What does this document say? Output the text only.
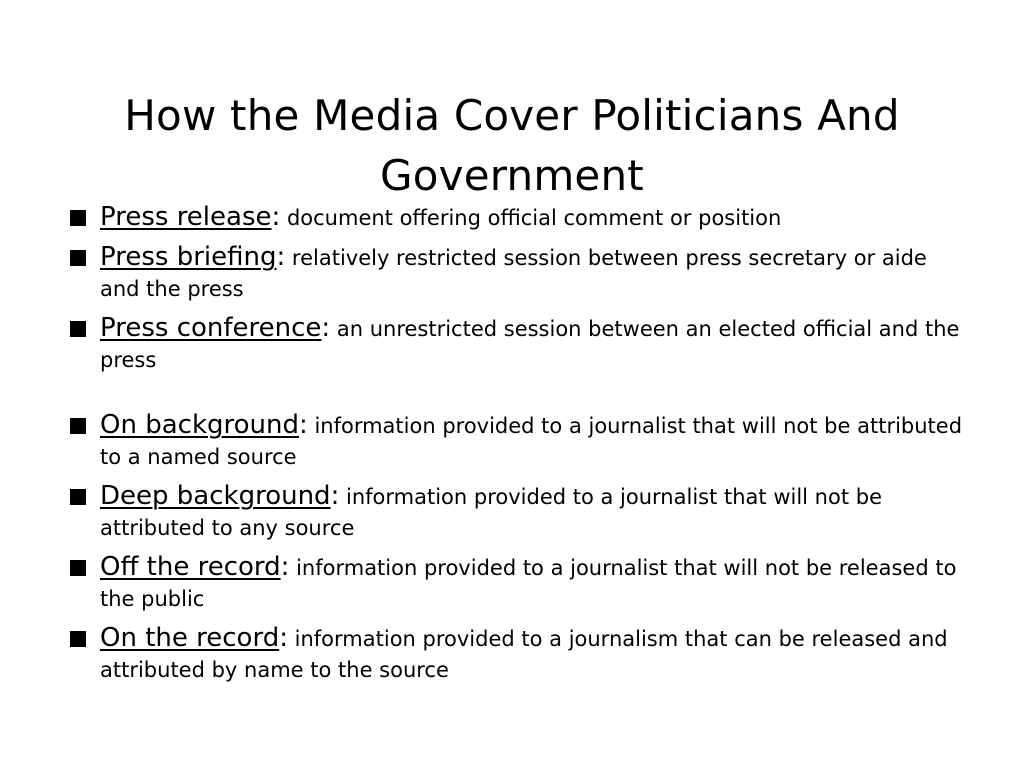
How the Media Cover Politicians And Government
Press release: document offering official comment or position
Press briefing: relatively restricted session between press secretary or aide and the press
Press conference: an unrestricted session between an elected official and the press
On background: information provided to a journalist that will not be attributed to a named source
Deep background: information provided to a journalist that will not be attributed to any source
Off the record: information provided to a journalist that will not be released to the public
On the record: information provided to a journalism that can be released and attributed by name to the source
